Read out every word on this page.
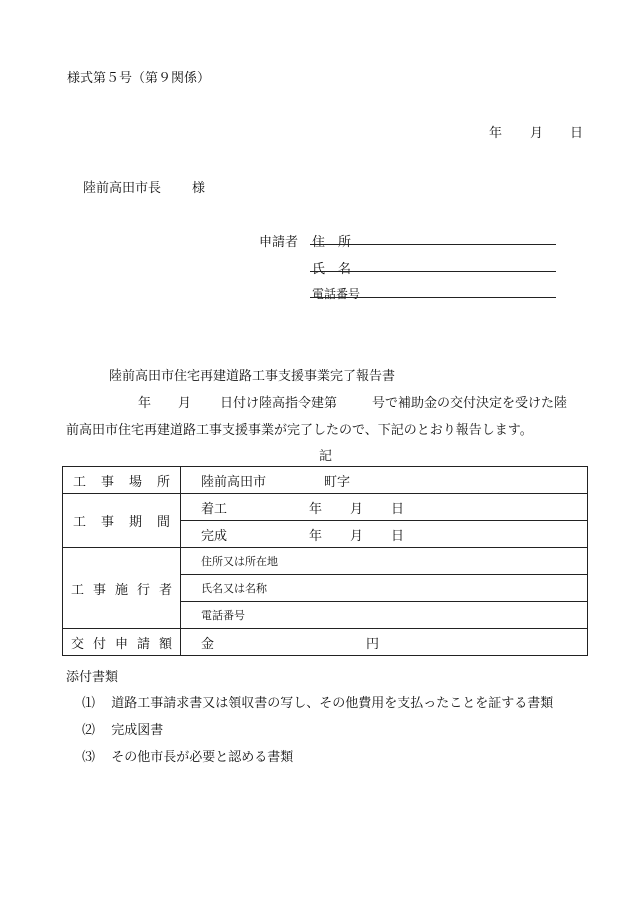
様式第５号（第９関係）
年 月 日
陸前高田市長 様
申請者 住　所
氏　名
電話番号
陸前高田市住宅再建道路工事支援事業完了報告書
年 月 日付け陸高指令建第	号で補助金の交付決定を受けた陸
前高田市住宅再建道路工事支援事業が完了したので、下記のとおり報告します。
記
工 事 場 所	陸前高田市 町字

工 事 期 間	着工 年 月 日
	完成 年 月 日

工 事 施 行 者	住所又は所在地
	氏名又は名称
	電話番号

交 付 申 請 額	金 円
添付書類
⑴ 道路工事請求書又は領収書の写し、その他費用を支払ったことを証する書類
⑵ 完成図書
⑶ その他市長が必要と認める書類
